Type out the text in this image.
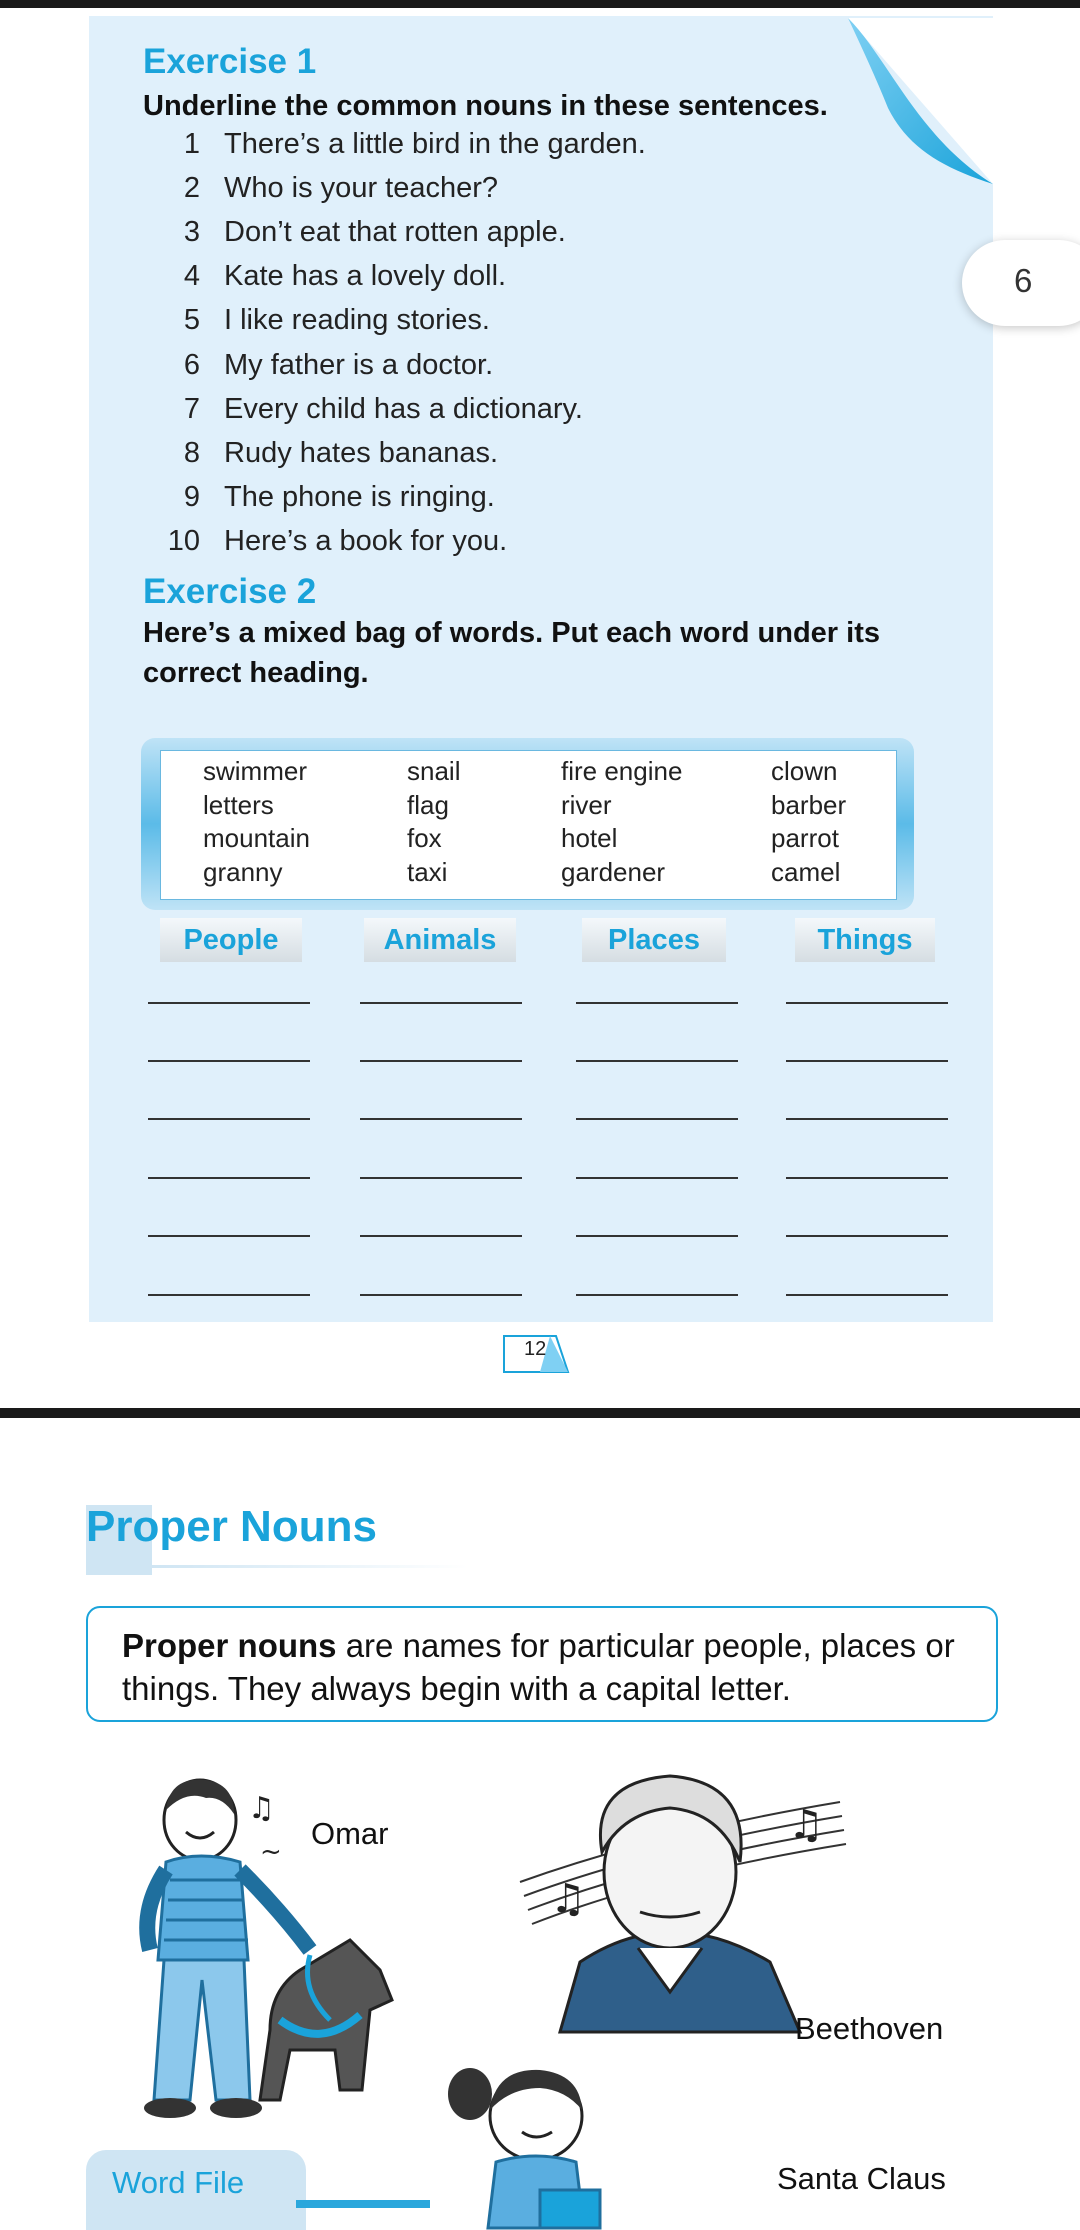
Exercise 1
Underline the common nouns in these sentences.
1 There’s a little bird in the garden.
2 Who is your teacher?
3 Don’t eat that rotten apple.
4 Kate has a lovely doll.
5 I like reading stories.
6 My father is a doctor.
7 Every child has a dictionary.
8 Rudy hates bananas.
9 The phone is ringing.
10 Here’s a book for you.
6
Exercise 2
Here’s a mixed bag of words. Put each word under its
correct heading.
swimmer	snail	fire engine	clown
letters	flag	river	barber
mountain	fox	hotel	parrot
granny	taxi	gardener	camel
People	Animals	Places	Things
12
Proper Nouns
Proper nouns are names for particular people, places or things. They always begin with a capital letter.
♫
~
Omar
♫
♫
Beethoven
Santa Claus
Word File
